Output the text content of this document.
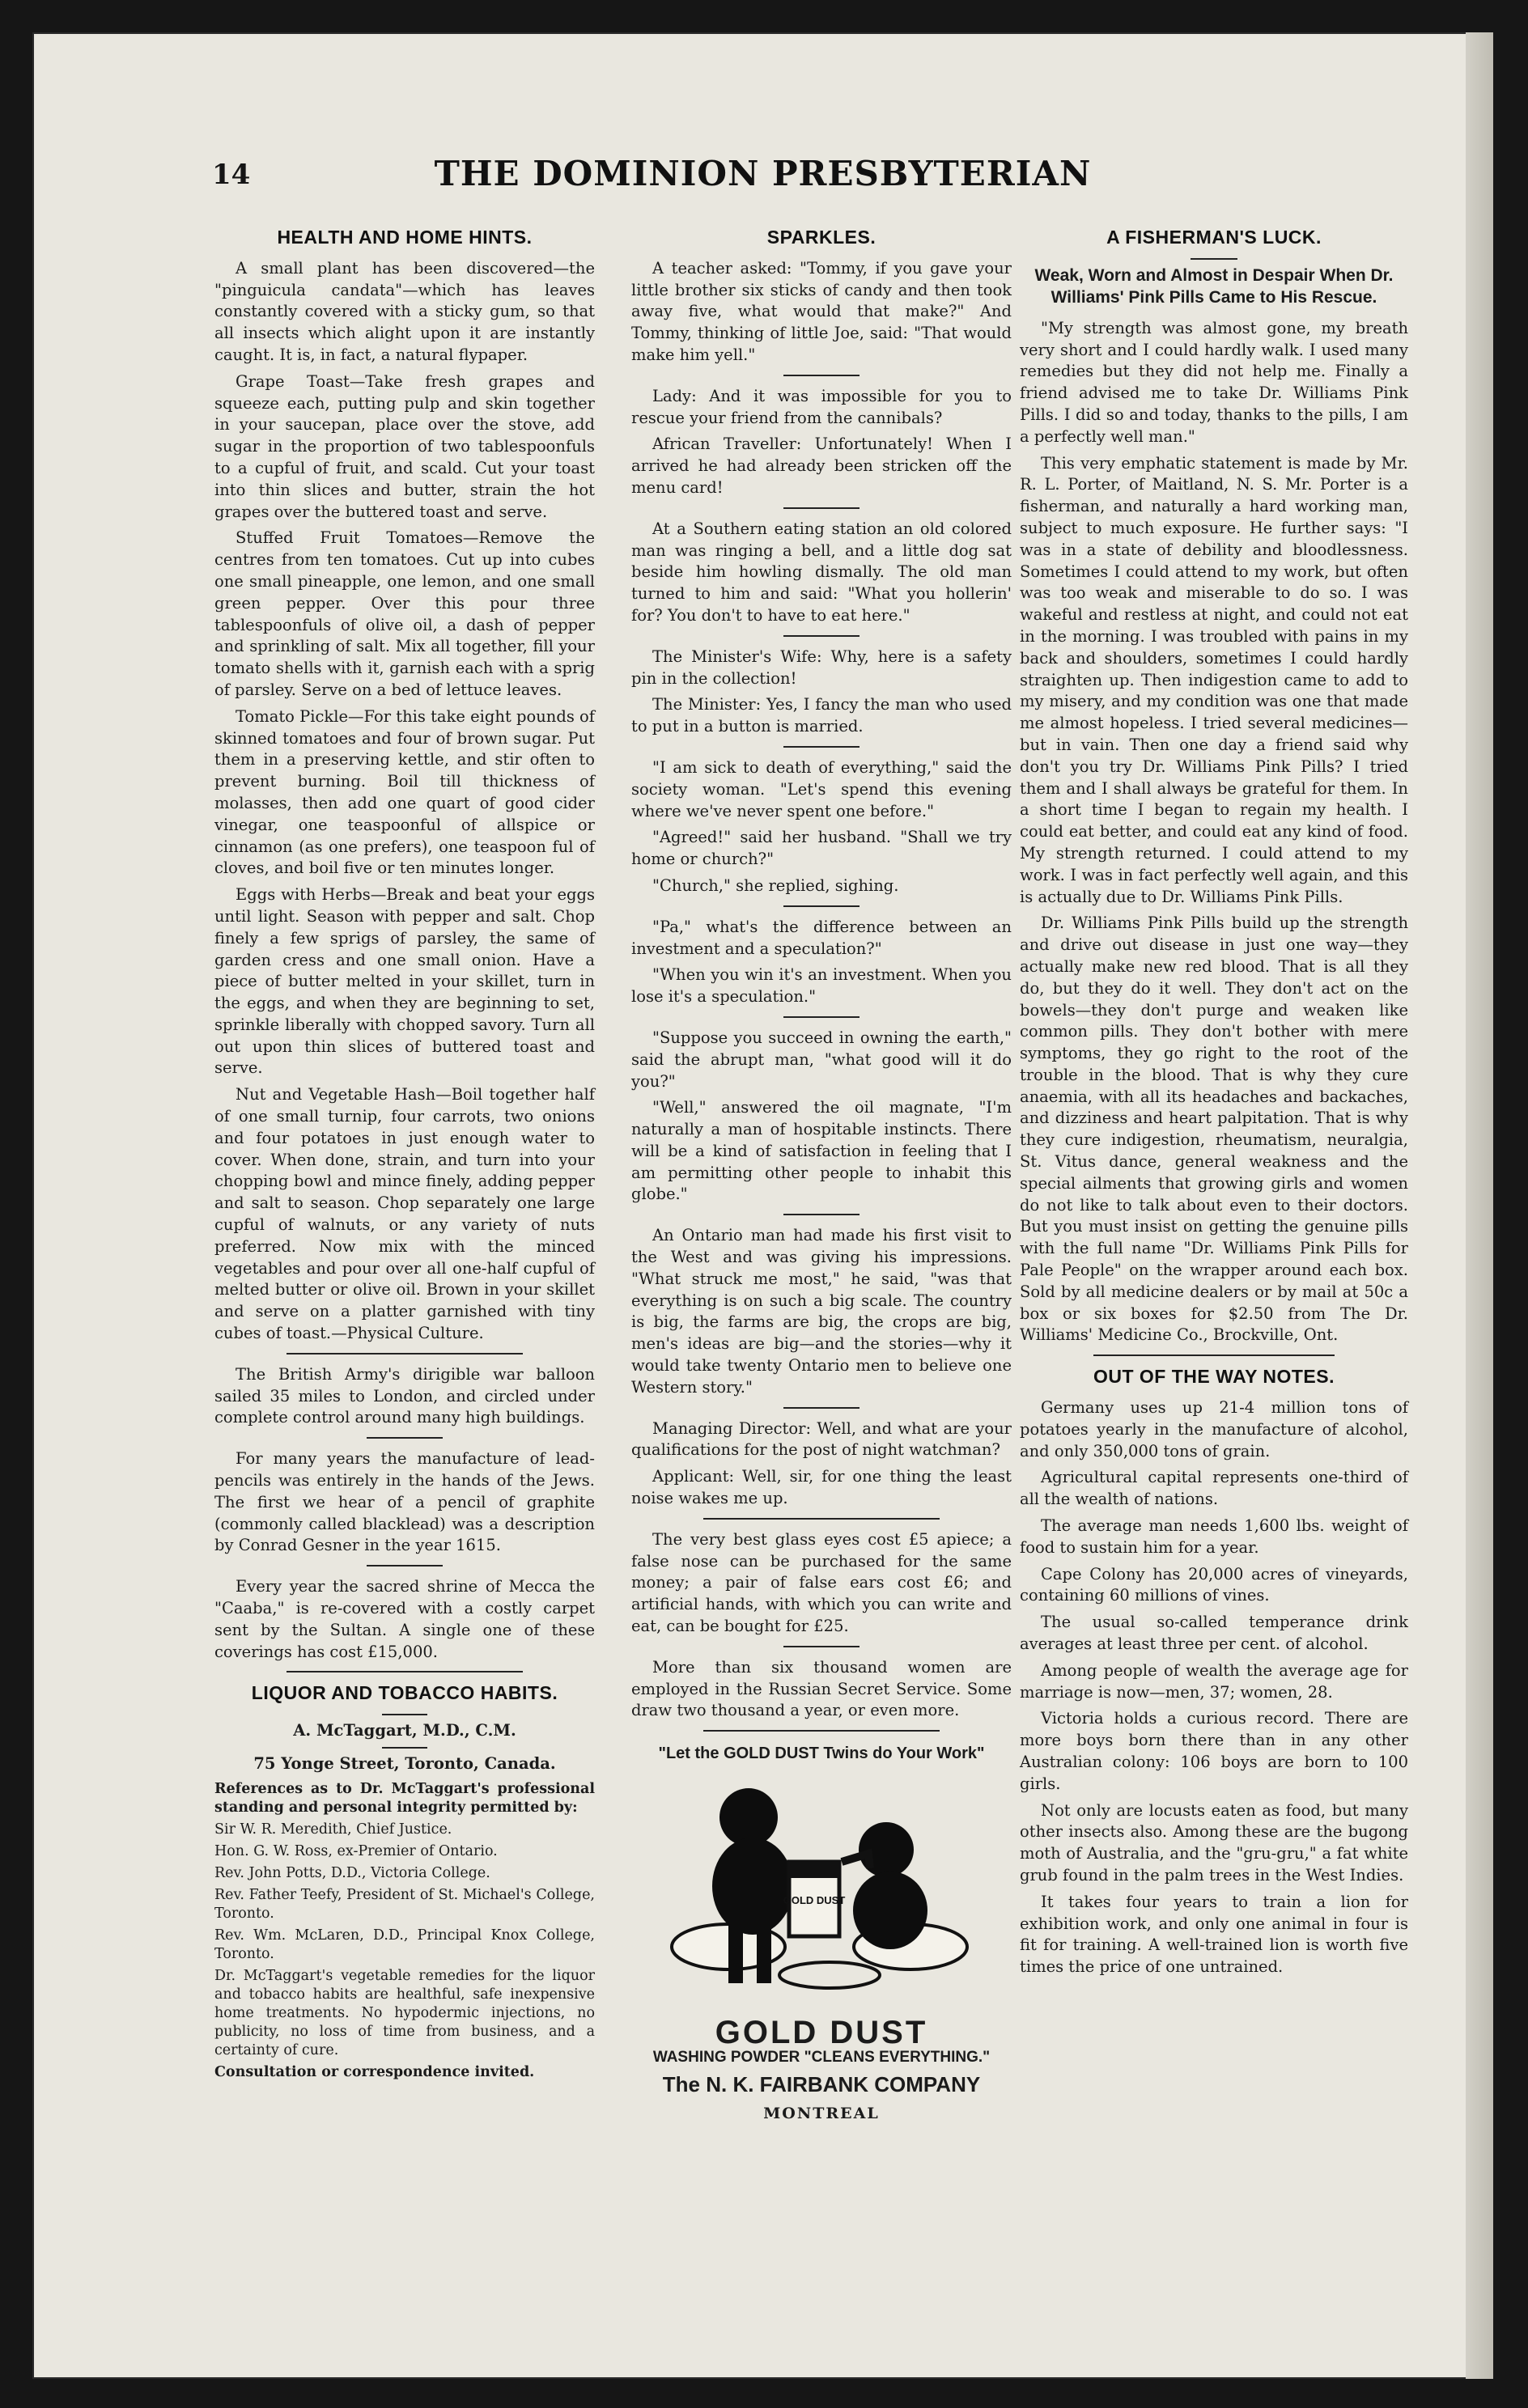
14	THE DOMINION PRESBYTERIAN
HEALTH AND HOME HINTS.

A small plant has been discovered—the "pinguicula candata"—which has leaves constantly covered with a sticky gum, so that all insects which alight upon it are instantly caught. It is, in fact, a natural flypaper.

Grape Toast—Take fresh grapes and squeeze each, putting pulp and skin together in your saucepan, place over the stove, add sugar in the proportion of two tablespoonfuls to a cupful of fruit, and scald. Cut your toast into thin slices and butter, strain the hot grapes over the buttered toast and serve.

Stuffed Fruit Tomatoes—Remove the centres from ten tomatoes. Cut up into cubes one small pineapple, one lemon, and one small green pepper. Over this pour three tablespoonfuls of olive oil, a dash of pepper and sprinkling of salt. Mix all together, fill your tomato shells with it, garnish each with a sprig of parsley. Serve on a bed of lettuce leaves.

Tomato Pickle—For this take eight pounds of skinned tomatoes and four of brown sugar. Put them in a preserving kettle, and stir often to prevent burning. Boil till thickness of molasses, then add one quart of good cider vinegar, one teaspoonful of allspice or cinnamon (as one prefers), one teaspoon ful of cloves, and boil five or ten minutes longer.

Eggs with Herbs—Break and beat your eggs until light. Season with pepper and salt. Chop finely a few sprigs of parsley, the same of garden cress and one small onion. Have a piece of butter melted in your skillet, turn in the eggs, and when they are beginning to set, sprinkle liberally with chopped savory. Turn all out upon thin slices of buttered toast and serve.

Nut and Vegetable Hash—Boil together half of one small turnip, four carrots, two onions and four potatoes in just enough water to cover. When done, strain, and turn into your chopping bowl and mince finely, adding pepper and salt to season. Chop separately one large cupful of walnuts, or any variety of nuts preferred. Now mix with the minced vegetables and pour over all one-half cupful of melted butter or olive oil. Brown in your skillet and serve on a platter garnished with tiny cubes of toast.—Physical Culture.

The British Army's dirigible war balloon sailed 35 miles to London, and circled under complete control around many high buildings.

For many years the manufacture of lead-pencils was entirely in the hands of the Jews. The first we hear of a pencil of graphite (commonly called blacklead) was a description by Conrad Gesner in the year 1615.

Every year the sacred shrine of Mecca the "Caaba," is re-covered with a costly carpet sent by the Sultan. A single one of these coverings has cost £15,000.

LIQUOR AND TOBACCO HABITS.

A. McTaggart, M.D., C.M.

75 Yonge Street, Toronto, Canada.

References as to Dr. McTaggart's professional standing and personal integrity permitted by:

Sir W. R. Meredith, Chief Justice.

Hon. G. W. Ross, ex-Premier of Ontario.

Rev. John Potts, D.D., Victoria College.

Rev. Father Teefy, President of St. Michael's College, Toronto.

Rev. Wm. McLaren, D.D., Principal Knox College, Toronto.

Dr. McTaggart's vegetable remedies for the liquor and tobacco habits are healthful, safe inexpensive home treatments. No hypodermic injections, no publicity, no loss of time from business, and a certainty of cure.

Consultation or correspondence invited.

SPARKLES.

A teacher asked: "Tommy, if you gave your little brother six sticks of candy and then took away five, what would that make?" And Tommy, thinking of little Joe, said: "That would make him yell."

Lady: And it was impossible for you to rescue your friend from the cannibals?

African Traveller: Unfortunately! When I arrived he had already been stricken off the menu card!

At a Southern eating station an old colored man was ringing a bell, and a little dog sat beside him howling dismally. The old man turned to him and said: "What you hollerin' for? You don't to have to eat here."

The Minister's Wife: Why, here is a safety pin in the collection!

The Minister: Yes, I fancy the man who used to put in a button is married.

"I am sick to death of everything," said the society woman. "Let's spend this evening where we've never spent one before."

"Agreed!" said her husband. "Shall we try home or church?"

"Church," she replied, sighing.

"Pa," what's the difference between an investment and a speculation?"

"When you win it's an investment. When you lose it's a speculation."

"Suppose you succeed in owning the earth," said the abrupt man, "what good will it do you?"

"Well," answered the oil magnate, "I'm naturally a man of hospitable instincts. There will be a kind of satisfaction in feeling that I am permitting other people to inhabit this globe."

An Ontario man had made his first visit to the West and was giving his impressions. "What struck me most," he said, "was that everything is on such a big scale. The country is big, the farms are big, the crops are big, men's ideas are big—and the stories—why it would take twenty Ontario men to believe one Western story."

Managing Director: Well, and what are your qualifications for the post of night watchman?

Applicant: Well, sir, for one thing the least noise wakes me up.

The very best glass eyes cost £5 apiece; a false nose can be purchased for the same money; a pair of false ears cost £6; and artificial hands, with which you can write and eat, can be bought for £25.

More than six thousand women are employed in the Russian Secret Service. Some draw two thousand a year, or even more.

"Let the GOLD DUST Twins do Your Work"
GOLD DUST
GOLD DUST
WASHING POWDER "CLEANS EVERYTHING."
The N. K. FAIRBANK COMPANY
MONTREAL
A FISHERMAN'S LUCK.
Weak, Worn and Almost in Despair When Dr. Williams' Pink Pills Came to His Rescue.

"My strength was almost gone, my breath very short and I could hardly walk. I used many remedies but they did not help me. Finally a friend advised me to take Dr. Williams Pink Pills. I did so and today, thanks to the pills, I am a perfectly well man."

This very emphatic statement is made by Mr. R. L. Porter, of Maitland, N. S. Mr. Porter is a fisherman, and naturally a hard working man, subject to much exposure. He further says: "I was in a state of debility and bloodlessness. Sometimes I could attend to my work, but often was too weak and miserable to do so. I was wakeful and restless at night, and could not eat in the morning. I was troubled with pains in my back and shoulders, sometimes I could hardly straighten up. Then indigestion came to add to my misery, and my condition was one that made me almost hopeless. I tried several medicines—but in vain. Then one day a friend said why don't you try Dr. Williams Pink Pills? I tried them and I shall always be grateful for them. In a short time I began to regain my health. I could eat better, and could eat any kind of food. My strength returned. I could attend to my work. I was in fact perfectly well again, and this is actually due to Dr. Williams Pink Pills.

Dr. Williams Pink Pills build up the strength and drive out disease in just one way—they actually make new red blood. That is all they do, but they do it well. They don't act on the bowels—they don't purge and weaken like common pills. They don't bother with mere symptoms, they go right to the root of the trouble in the blood. That is why they cure anaemia, with all its headaches and backaches, and dizziness and heart palpitation. That is why they cure indigestion, rheumatism, neuralgia, St. Vitus dance, general weakness and the special ailments that growing girls and women do not like to talk about even to their doctors. But you must insist on getting the genuine pills with the full name "Dr. Williams Pink Pills for Pale People" on the wrapper around each box. Sold by all medicine dealers or by mail at 50c a box or six boxes for $2.50 from The Dr. Williams' Medicine Co., Brockville, Ont.

OUT OF THE WAY NOTES.

Germany uses up 21-4 million tons of potatoes yearly in the manufacture of alcohol, and only 350,000 tons of grain.

Agricultural capital represents one-third of all the wealth of nations.

The average man needs 1,600 lbs. weight of food to sustain him for a year.

Cape Colony has 20,000 acres of vineyards, containing 60 millions of vines.

The usual so-called temperance drink averages at least three per cent. of alcohol.

Among people of wealth the average age for marriage is now—men, 37; women, 28.

Victoria holds a curious record. There are more boys born there than in any other Australian colony: 106 boys are born to 100 girls.

Not only are locusts eaten as food, but many other insects also. Among these are the bugong moth of Australia, and the "gru-gru," a fat white grub found in the palm trees in the West Indies.

It takes four years to train a lion for exhibition work, and only one animal in four is fit for training. A well-trained lion is worth five times the price of one untrained.
